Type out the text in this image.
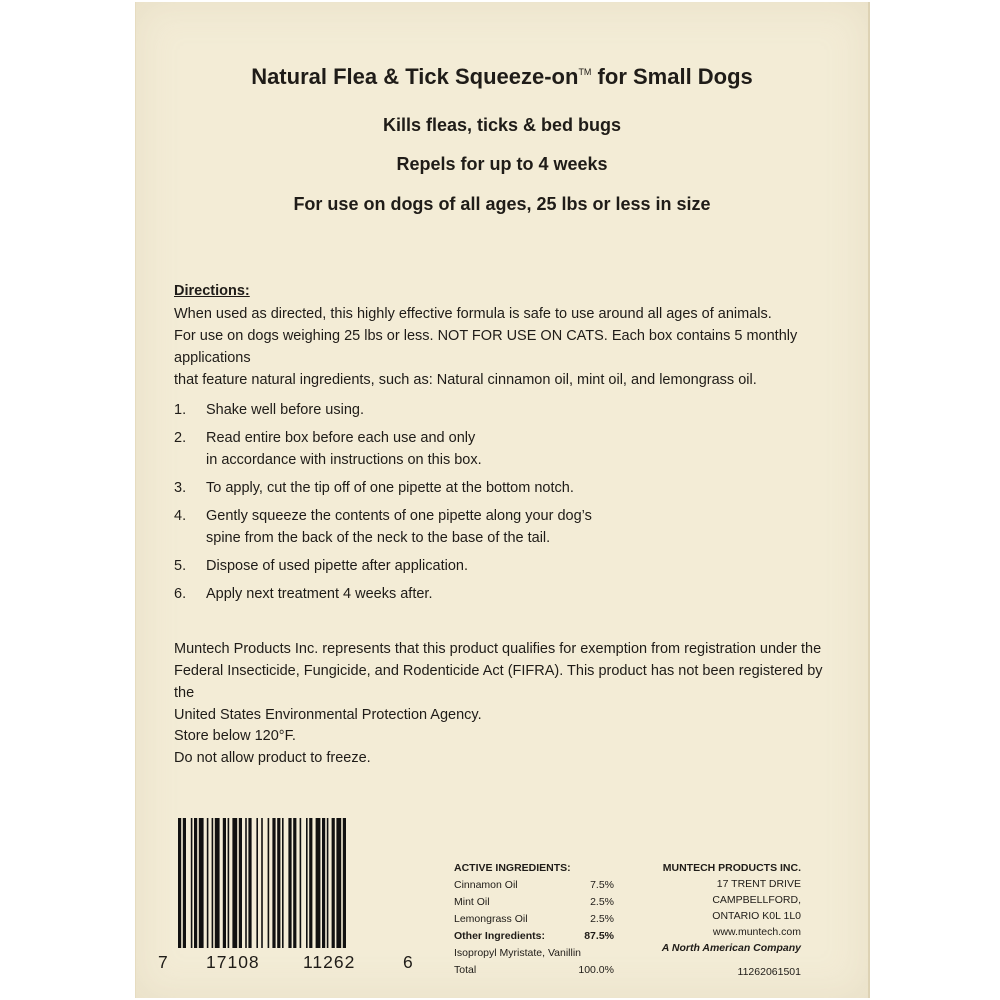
Natural Flea & Tick Squeeze-on™ for Small Dogs
Kills fleas, ticks & bed bugs
Repels for up to 4 weeks
For use on dogs of all ages, 25 lbs or less in size

Directions:

When used as directed, this highly effective formula is safe to use around all ages of animals.
For use on dogs weighing 25 lbs or less. NOT FOR USE ON CATS. Each box contains 5 monthly applications
that feature natural ingredients, such as: Natural cinnamon oil, mint oil, and lemongrass oil.

1.	Shake well before using.
2.	Read entire box before each use and only
in accordance with instructions on this box.
3.	To apply, cut the tip off of one pipette at the bottom notch.
4.	Gently squeeze the contents of one pipette along your dog’s
spine from the back of the neck to the base of the tail.
5.	Dispose of used pipette after application.
6.	Apply next treatment 4 weeks after.

Muntech Products Inc. represents that this product qualifies for exemption from registration under the
Federal Insecticide, Fungicide, and Rodenticide Act (FIFRA). This product has not been registered by the
United States Environmental Protection Agency.

Store below 120°F.
Do not allow product to freeze.

7 17108 11262	6
ACTIVE INGREDIENTS:
Cinnamon Oil	7.5%
Mint Oil	2.5%
Lemongrass Oil	2.5%
Other Ingredients:	87.5%
Isopropyl Myristate, Vanillin
Total	100.0%
MUNTECH PRODUCTS INC.
17 TRENT DRIVE
CAMPBELLFORD,
ONTARIO K0L 1L0
www.muntech.com
A North American Company
11262061501
